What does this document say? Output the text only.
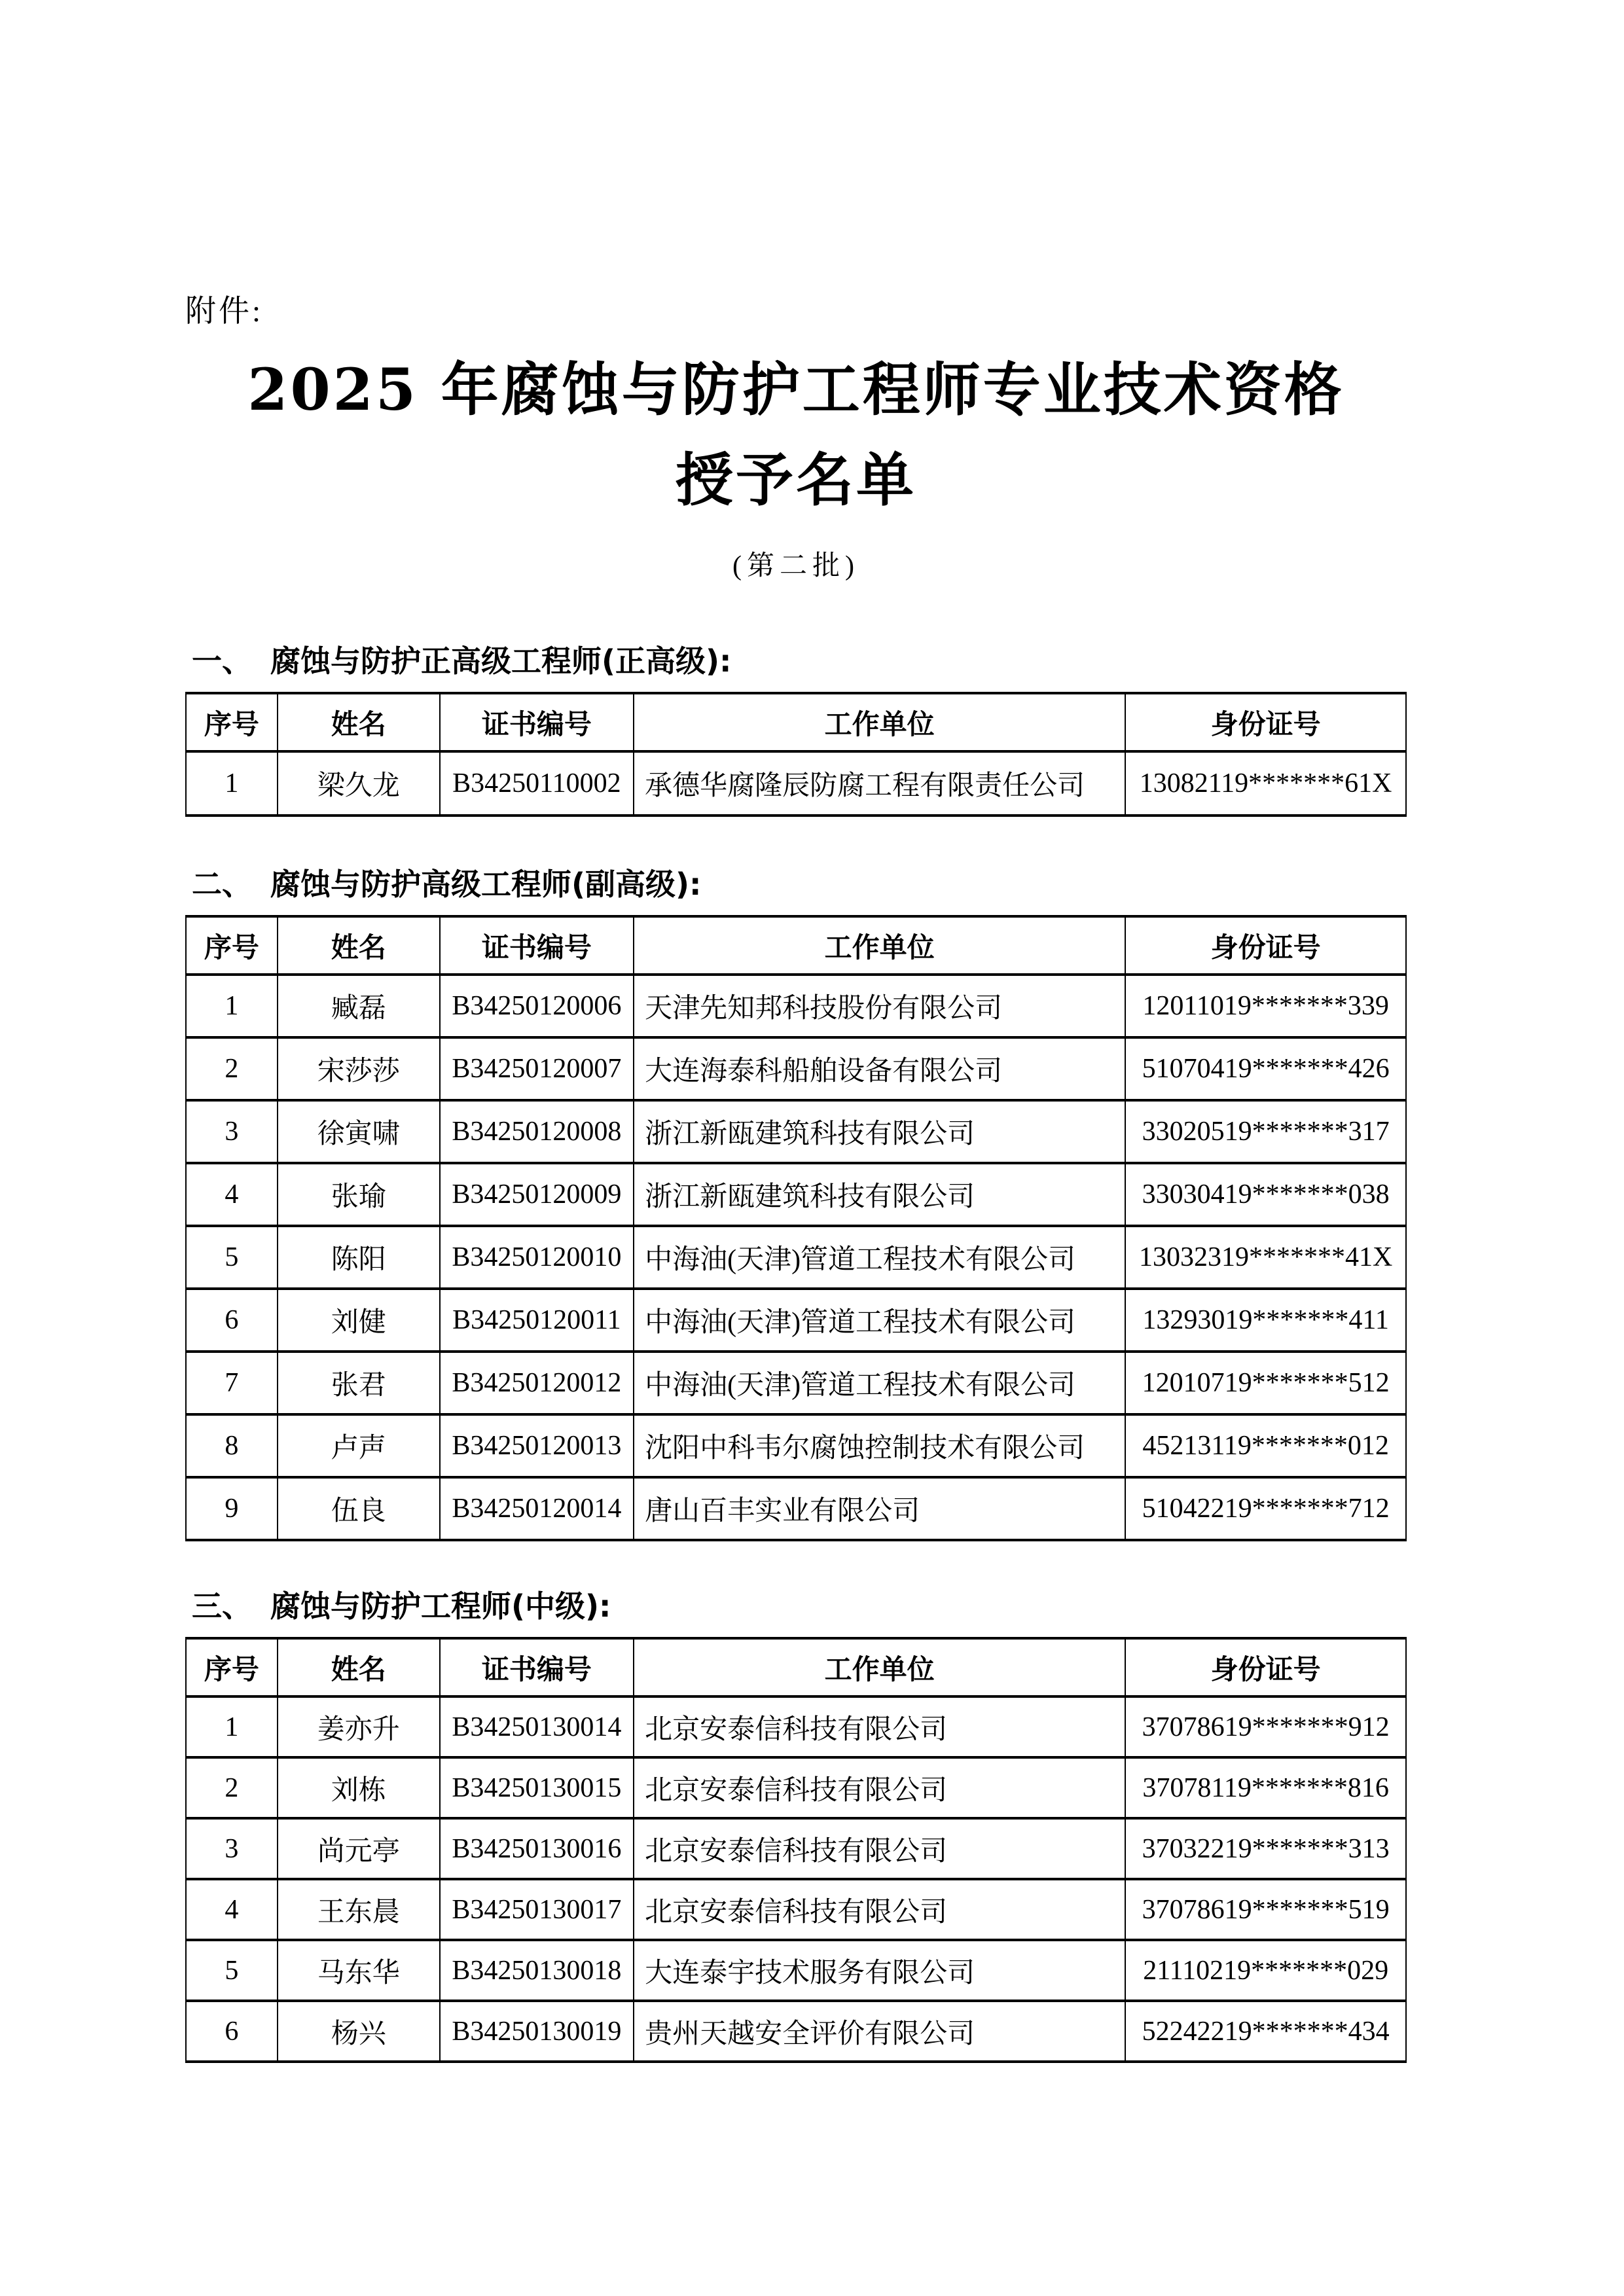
附件:
2025 年腐蚀与防护工程师专业技术资格
授予名单
(第二批)
一、 腐蚀与防护正高级工程师(正高级):
序号	姓名	证书编号	工作单位	身份证号
1	梁久龙	B34250110002	承德华腐隆辰防腐工程有限责任公司	13082119*******61X
二、 腐蚀与防护高级工程师(副高级):
序号	姓名	证书编号	工作单位	身份证号
1	臧磊	B34250120006	天津先知邦科技股份有限公司	12011019*******339
2	宋莎莎	B34250120007	大连海泰科船舶设备有限公司	51070419*******426
3	徐寅啸	B34250120008	浙江新瓯建筑科技有限公司	33020519*******317
4	张瑜	B34250120009	浙江新瓯建筑科技有限公司	33030419*******038
5	陈阳	B34250120010	中海油(天津)管道工程技术有限公司	13032319*******41X
6	刘健	B34250120011	中海油(天津)管道工程技术有限公司	13293019*******411
7	张君	B34250120012	中海油(天津)管道工程技术有限公司	12010719*******512
8	卢声	B34250120013	沈阳中科韦尔腐蚀控制技术有限公司	45213119*******012
9	伍良	B34250120014	唐山百丰实业有限公司	51042219*******712
三、 腐蚀与防护工程师(中级):
序号	姓名	证书编号	工作单位	身份证号
1	姜亦升	B34250130014	北京安泰信科技有限公司	37078619*******912
2	刘栋	B34250130015	北京安泰信科技有限公司	37078119*******816
3	尚元亭	B34250130016	北京安泰信科技有限公司	37032219*******313
4	王东晨	B34250130017	北京安泰信科技有限公司	37078619*******519
5	马东华	B34250130018	大连泰宇技术服务有限公司	21110219*******029
6	杨兴	B34250130019	贵州天越安全评价有限公司	52242219*******434
